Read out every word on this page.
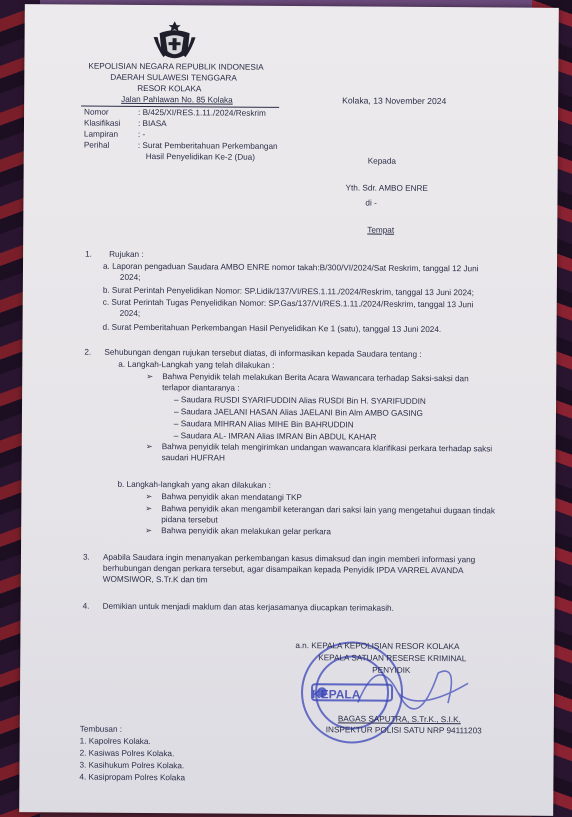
KEPOLISIAN NEGARA REPUBLIK INDONESIA
DAERAH SULAWESI TENGGARA
RESOR KOLAKA
Jalan Pahlawan No. 85 Kolaka	Kolaka, 13 November 2024
Nomor	: B/425/XI/RES.1.11./2024/Reskrim
Klasifikasi : BIASA
Lampiran : -
Perihal	: Surat Pemberitahuan Perkembangan
Hasil Penyelidikan Ke-2 (Dua)	Kepada
Yth. Sdr. AMBO ENRE
di -
Tempat
1. Rujukan :
a. Laporan pengaduan Saudara AMBO ENRE nomor takah:B/300/VI/2024/Sat Reskrim, tanggal 12 Juni
2024;
b. Surat Perintah Penyelidikan Nomor: SP.Lidik/137/VI/RES.1.11./2024/Reskrim, tanggal 13 Juni 2024;
c. Surat Perintah Tugas Penyelidikan Nomor: SP.Gas/137/VI/RES.1.11./2024/Reskrim, tanggal 13 Juni
2024;
d. Surat Pemberitahuan Perkembangan Hasil Penyelidikan Ke 1 (satu), tanggal 13 Juni 2024.
2. Sehubungan dengan rujukan tersebut diatas, di informasikan kepada Saudara tentang :
a. Langkah-Langkah yang telah dilakukan :
➢ Bahwa Penyidik telah melakukan Berita Acara Wawancara terhadap Saksi-saksi dan
terlapor diantaranya :
– Saudara RUSDI SYARIFUDDIN Alias RUSDI Bin H. SYARIFUDDIN
– Saudara JAELANI HASAN Alias JAELANI Bin Alm AMBO GASING
– Saudara MIHRAN Alias MIHE Bin BAHRUDDIN
– Saudara AL- IMRAN Alias IMRAN Bin ABDUL KAHAR
➢ Bahwa penyidik telah mengirimkan undangan wawancara klarifikasi perkara terhadap saksi
saudari HUFRAH
b. Langkah-langkah yang akan dilakukan :
➢ Bahwa penyidik akan mendatangi TKP
➢ Bahwa penyidik akan mengambil keterangan dari saksi lain yang mengetahui dugaan tindak
pidana tersebut
➢ Bahwa penyidik akan melakukan gelar perkara
3. Apabila Saudara ingin menanyakan perkembangan kasus dimaksud dan ingin memberi informasi yang
berhubungan dengan perkara tersebut, agar disampaikan kepada Penyidik IPDA VARREL AVANDA
WOMSIWOR, S.Tr.K dan tim
4. Demikian untuk menjadi maklum dan atas kerjasamanya diucapkan terimakasih.
KEPALA
a.n. KEPALA KEPOLISIAN RESOR KOLAKA
KEPALA SATUAN RESERSE KRIMINAL
PENYIDIK
BAGAS SAPUTRA, S.Tr.K., S.I.K.
INSPEKTUR POLISI SATU NRP 94111203
Tembusan :
1. Kapolres Kolaka.
2. Kasiwas Polres Kolaka.
3. Kasihukum Polres Kolaka.
4. Kasipropam Polres Kolaka
